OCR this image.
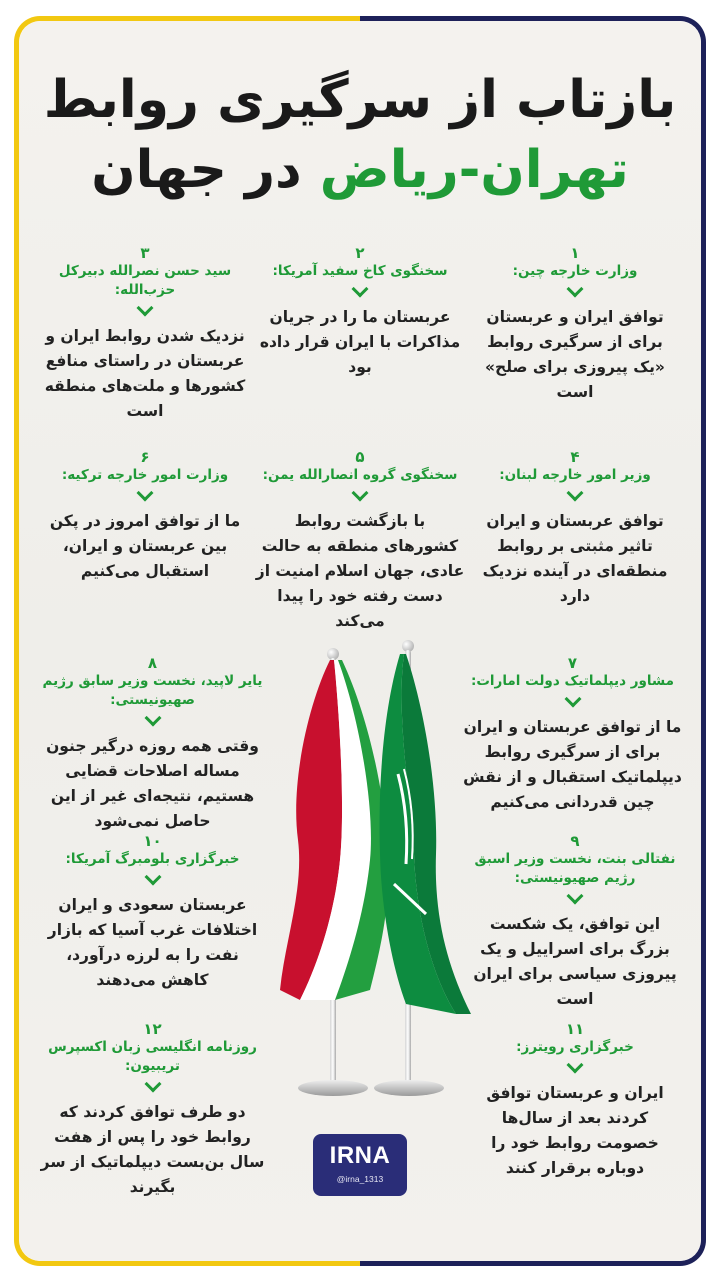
بازتاب از سرگیری روابط
تهران-ریاض در جهان
۱
وزارت خارجه چین:
توافق ایران و عربستان برای از سرگیری روابط «یک پیروزی برای صلح» است
۲
سخنگوی کاخ سفید آمریکا:
عربستان ما را در جریان مذاکرات با ایران قرار داده بود
۳
سید حسن نصرالله دبیرکل حزب‌الله:
نزدیک شدن روابط ایران و عربستان در راستای منافع کشورها و ملت‌های منطقه است
۴
وزیر امور خارجه لبنان:
توافق عربستان و ایران تاثیر مثبتی بر روابط منطقه‌ای در آینده نزدیک دارد
۵
سخنگوی گروه انصارالله یمن:
با بازگشت روابط کشورهای منطقه به حالت عادی، جهان اسلام امنیت از دست رفته خود را پیدا می‌کند
۶
وزارت امور خارجه ترکیه:
ما از توافق امروز در پکن بین عربستان و ایران، استقبال می‌کنیم
۷
مشاور دیپلماتیک دولت امارات:
ما از توافق عربستان و ایران برای از سرگیری روابط دیپلماتیک استقبال و از نقش چین قدردانی می‌کنیم
۸
یایر لاپید، نخست وزیر سابق رژیم صهیونیستی:
وقتی همه روزه درگیر جنون مساله اصلاحات قضایی هستیم، نتیجه‌ای غیر از این حاصل نمی‌شود
۹
نفتالی بنت، نخست وزیر اسبق رژیم صهیونیستی:
این توافق، یک شکست بزرگ برای اسراییل و یک پیروزی سیاسی برای ایران است
۱۰
خبرگزاری بلومبرگ آمریکا:
عربستان سعودی و ایران اختلافات غرب آسیا که بازار نفت را به لرزه درآورد، کاهش می‌دهند
۱۱
خبرگزاری رویترز:
ایران و عربستان توافق کردند بعد از سال‌ها خصومت روابط خود را دوباره برقرار کنند
۱۲
روزنامه انگلیسی زبان اکسپرس تریبیون:
دو طرف توافق کردند که روابط خود را پس از هفت سال بن‌بست دیپلماتیک از سر بگیرند
IRNA
@irna_1313
